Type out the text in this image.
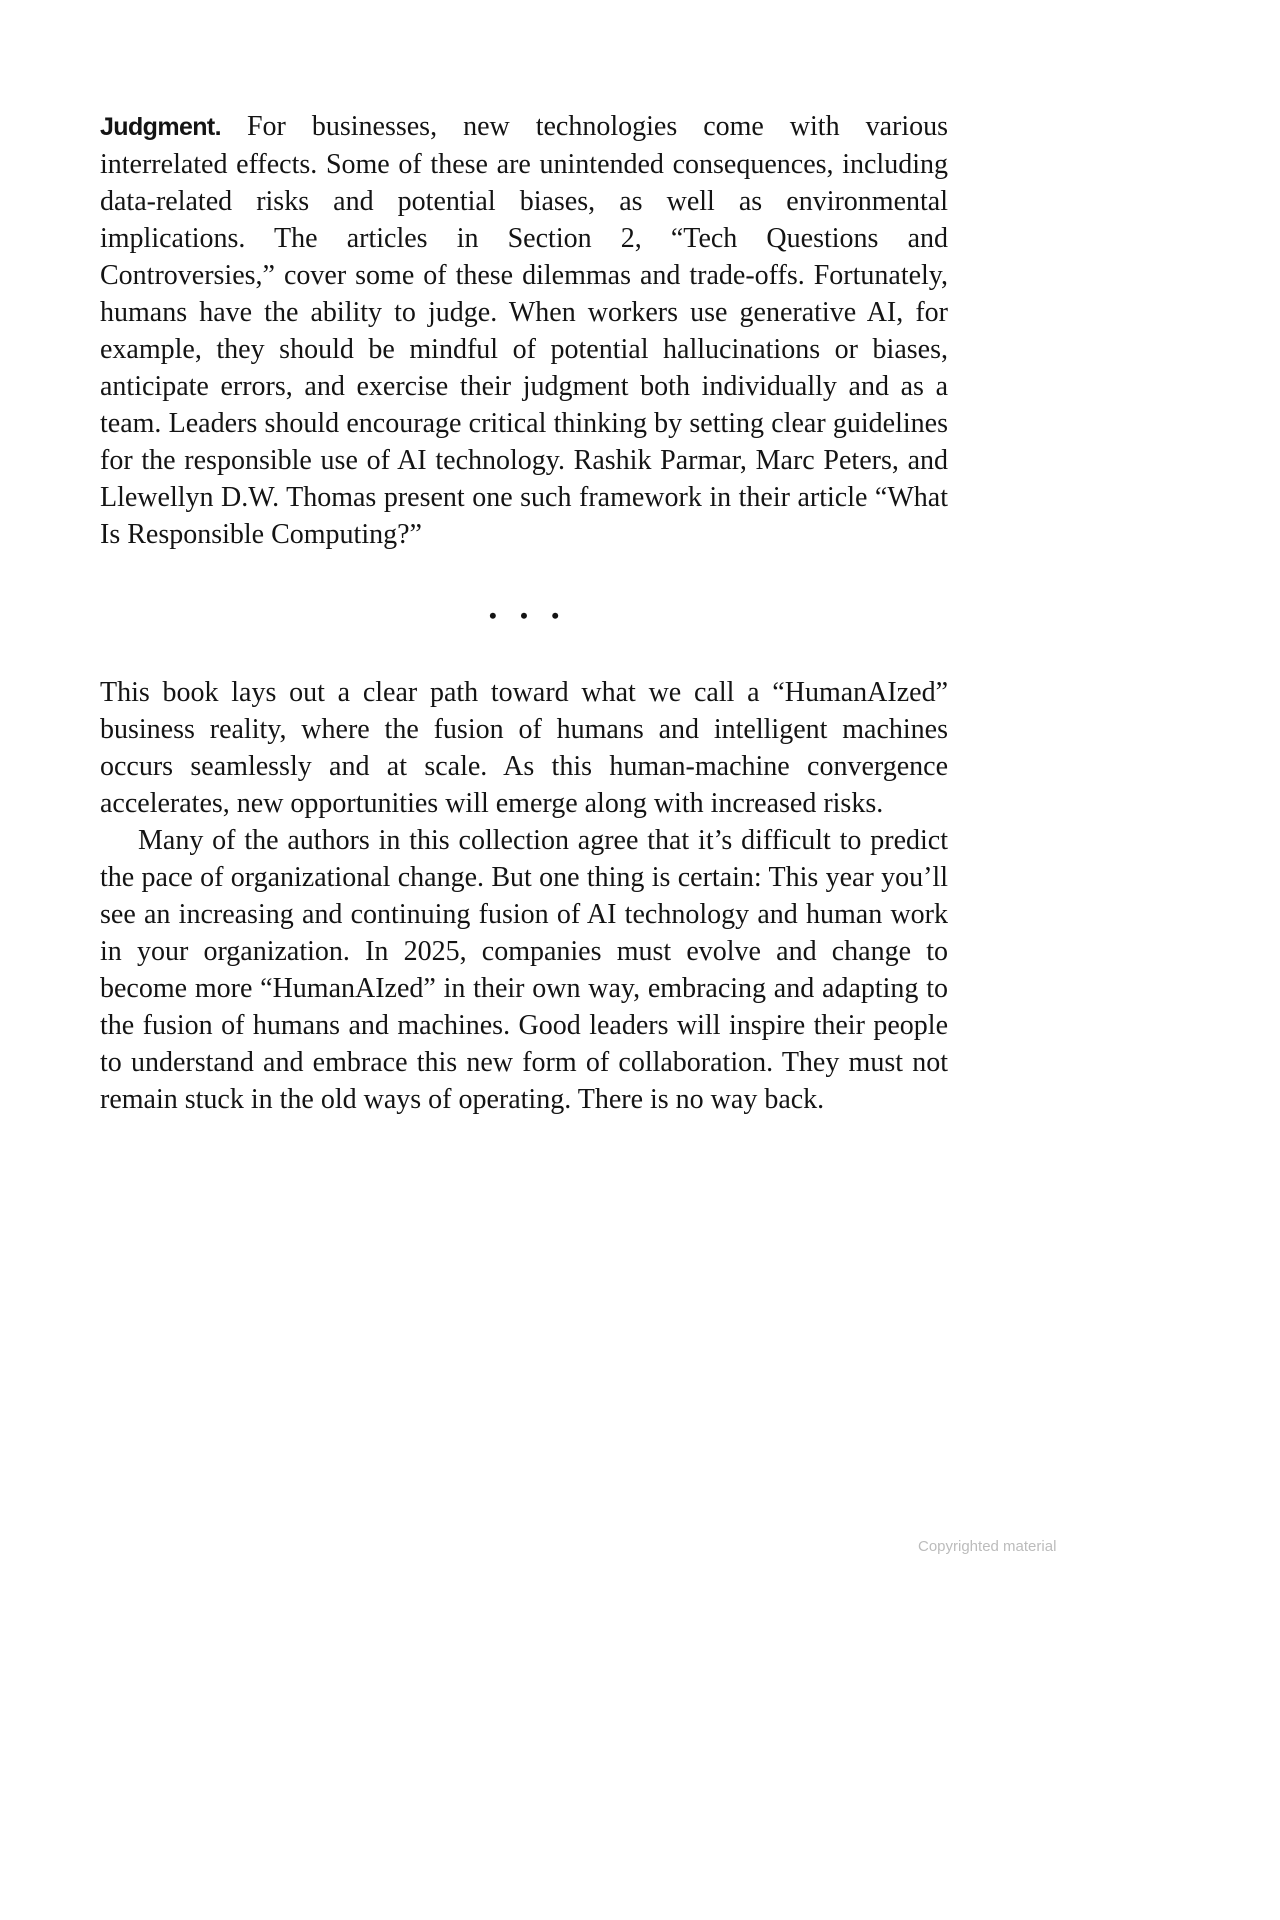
Judgment. For businesses, new technologies come with various interrelated effects. Some of these are unintended consequences, including data-related risks and potential biases, as well as environmental implications. The articles in Section 2, “Tech Questions and Controversies,” cover some of these dilemmas and trade-offs. Fortunately, humans have the ability to judge. When workers use generative AI, for example, they should be mindful of potential hallucinations or biases, anticipate errors, and exercise their judgment both individually and as a team. Leaders should encourage critical thinking by setting clear guidelines for the responsible use of AI technology. Rashik Parmar, Marc Peters, and Llewellyn D.W. Thomas present one such framework in their article “What Is Responsible Computing?”

• • •

This book lays out a clear path toward what we call a “HumanAIzed” business reality, where the fusion of humans and intelligent machines occurs seamlessly and at scale. As this human-machine convergence accelerates, new opportunities will emerge along with increased risks.

Many of the authors in this collection agree that it’s difficult to predict the pace of organizational change. But one thing is certain: This year you’ll see an increasing and continuing fusion of AI technology and human work in your organization. In 2025, companies must evolve and change to become more “HumanAIzed” in their own way, embracing and adapting to the fusion of humans and machines. Good leaders will inspire their people to understand and embrace this new form of collaboration. They must not remain stuck in the old ways of operating. There is no way back.

Copyrighted material
